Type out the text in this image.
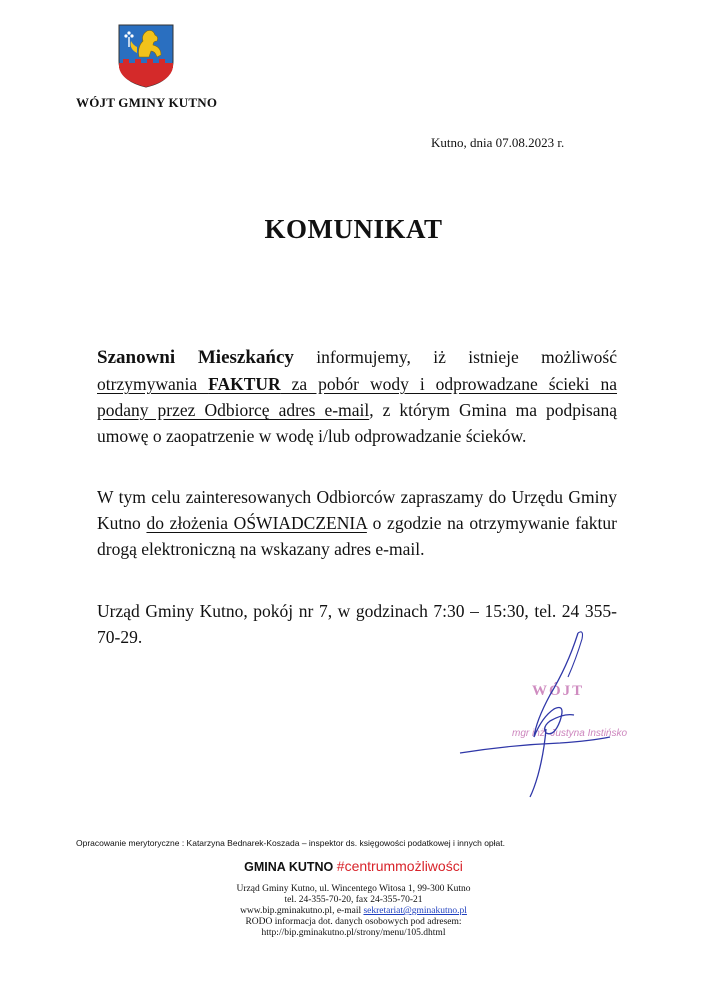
WÓJT GMINY KUTNO
Kutno, dnia 07.08.2023 r.
KOMUNIKAT
Szanowni Mieszkańcy informujemy, iż istnieje możliwość otrzymywania FAKTUR za pobór wody i odprowadzane ścieki na podany przez Odbiorcę adres e-mail, z którym Gmina ma podpisaną umowę o zaopatrzenie w wodę i/lub odprowadzanie ścieków.
W tym celu zainteresowanych Odbiorców zapraszamy do Urzędu Gminy Kutno do złożenia OŚWIADCZENIA o zgodzie na otrzymywanie faktur drogą elektroniczną na wskazany adres e-mail.
Urząd Gminy Kutno, pokój nr 7, w godzinach 7:30 – 15:30, tel. 24 355-70-29.
WÓJT
mgr inż. Justyna Instińsko
Opracowanie merytoryczne : Katarzyna Bednarek-Koszada – inspektor ds. księgowości podatkowej i innych opłat.
GMINA KUTNO #centrummożliwości
Urząd Gminy Kutno, ul. Wincentego Witosa 1, 99-300 Kutno
tel. 24-355-70-20, fax 24-355-70-21
www.bip.gminakutno.pl, e-mail sekretariat@gminakutno.pl
RODO informacja dot. danych osobowych pod adresem:
http://bip.gminakutno.pl/strony/menu/105.dhtml
